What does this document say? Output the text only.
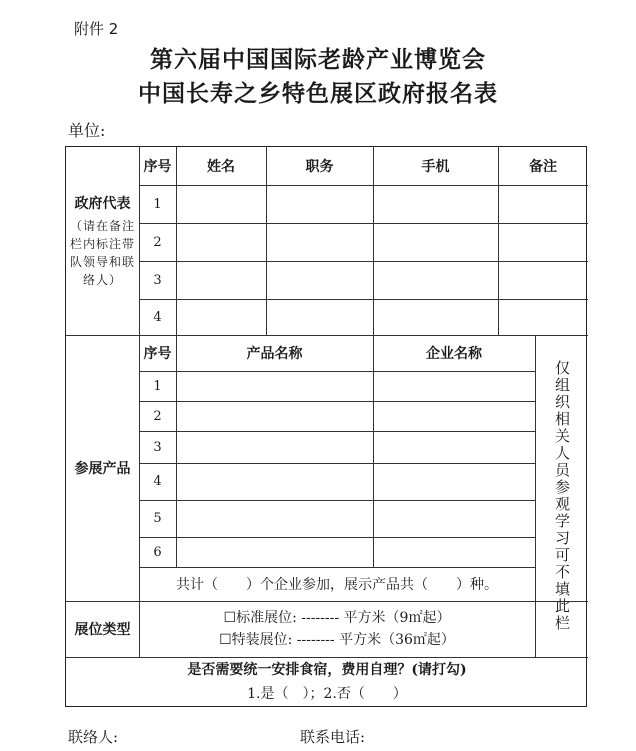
附件 2
第六届中国国际老龄产业博览会
中国长寿之乡特色展区政府报名表
单位:
政府代表
（请在备注栏内标注带队领导和联络人）
序号	姓名	职务	手机	备注
1
2
3
4
参展产品
序号	产品名称	企业名称
1
2
3
4
5
6
共计（　　）个企业参加，展示产品共（　　）种。	仅组织相关人员参观学习可不填此栏
展位类型
☐标准展位: -------- 平方米（9㎡起）
☐特装展位: -------- 平方米（36㎡起）
是否需要统一安排食宿，费用自理？(请打勾)
1.是（　）；2.否（　　）
联络人:	联系电话:
